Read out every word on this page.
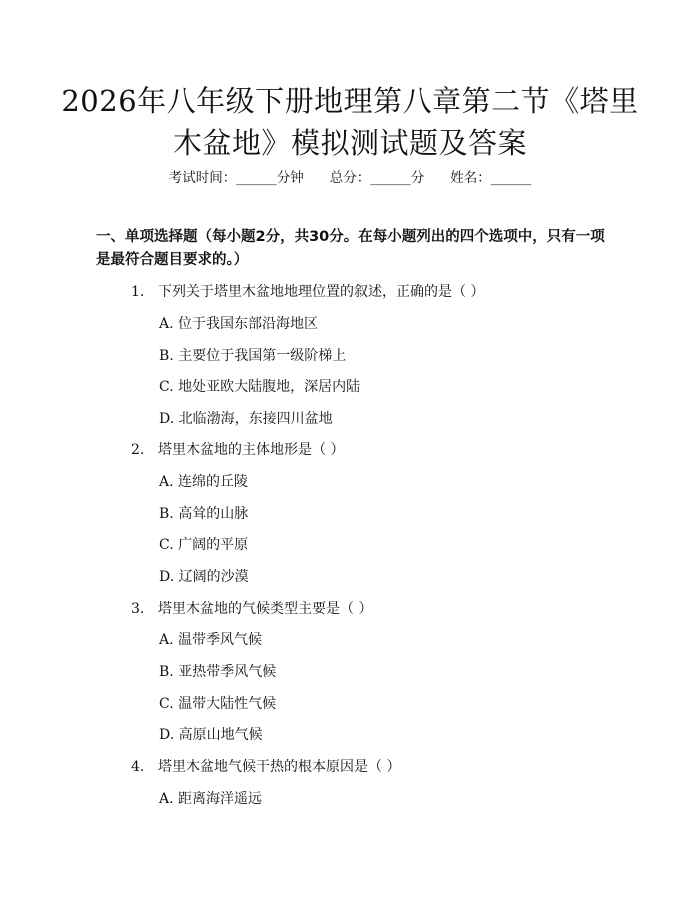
2026年八年级下册地理第八章第二节《塔里
木盆地》模拟测试题及答案
考试时间：______分钟 总分：______分 姓名：______
一、单项选择题（每小题2分，共30分。在每小题列出的四个选项中，只有一项
是最符合题目要求的。）
1. 下列关于塔里木盆地地理位置的叙述，正确的是（ ）
A. 位于我国东部沿海地区
B. 主要位于我国第一级阶梯上
C. 地处亚欧大陆腹地，深居内陆
D. 北临渤海，东接四川盆地
2. 塔里木盆地的主体地形是（ ）
A. 连绵的丘陵
B. 高耸的山脉
C. 广阔的平原
D. 辽阔的沙漠
3. 塔里木盆地的气候类型主要是（ ）
A. 温带季风气候
B. 亚热带季风气候
C. 温带大陆性气候
D. 高原山地气候
4. 塔里木盆地气候干热的根本原因是（ ）
A. 距离海洋遥远
